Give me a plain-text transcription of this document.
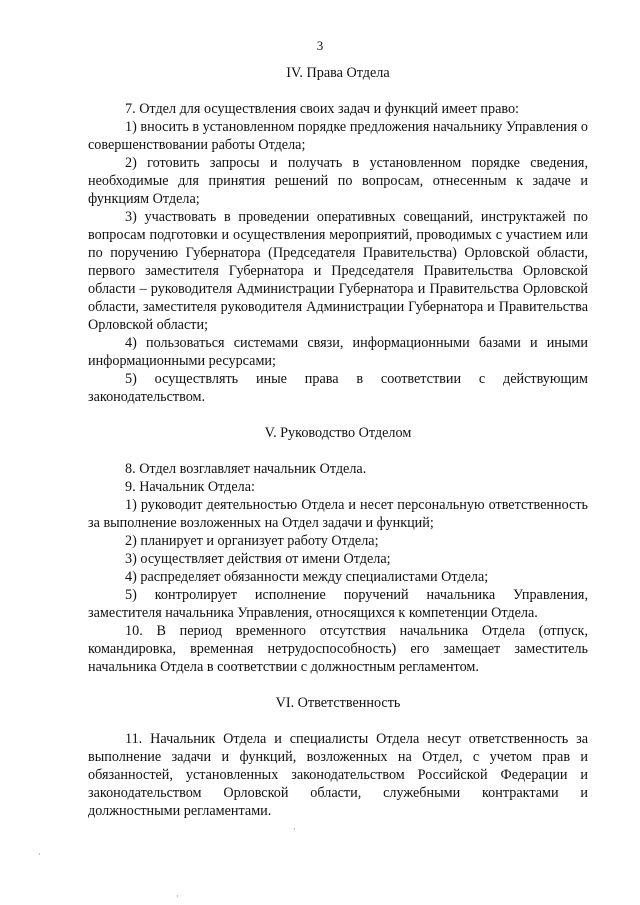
3
IV. Права Отдела

7. Отдел для осуществления своих задач и функций имеет право:

1) вносить в установленном порядке предложения начальнику Управления о совершенствовании работы Отдела;

2) готовить запросы и получать в установленном порядке сведения, необходимые для принятия решений по вопросам, отнесенным к задаче и функциям Отдела;

3) участвовать в проведении оперативных совещаний, инструктажей по вопросам подготовки и осуществления мероприятий, проводимых с участием или по поручению Губернатора (Председателя Правительства) Орловской области, первого заместителя Губернатора и Председателя Правительства Орловской области – руководителя Администрации Губернатора и Правительства Орловской области, заместителя руководителя Администрации Губернатора и Правительства Орловской области;

4) пользоваться системами связи, информационными базами и иными информационными ресурсами;

5) осуществлять иные права в соответствии с действующим законодательством.

V. Руководство Отделом

8. Отдел возглавляет начальник Отдела.

9. Начальник Отдела:

1) руководит деятельностью Отдела и несет персональную ответственность за выполнение возложенных на Отдел задачи и функций;

2) планирует и организует работу Отдела;

3) осуществляет действия от имени Отдела;

4) распределяет обязанности между специалистами Отдела;

5) контролирует исполнение поручений начальника Управления, заместителя начальника Управления, относящихся к компетенции Отдела.

10. В период временного отсутствия начальника Отдела (отпуск, командировка, временная нетрудоспособность) его замещает заместитель начальника Отдела в соответствии с должностным регламентом.

VI. Ответственность

11. Начальник Отдела и специалисты Отдела несут ответственность за выполнение задачи и функций, возложенных на Отдел, с учетом прав и обязанностей, установленных законодательством Российской Федерации и законодательством Орловской области, служебными контрактами и должностными регламентами.

·
·
·
